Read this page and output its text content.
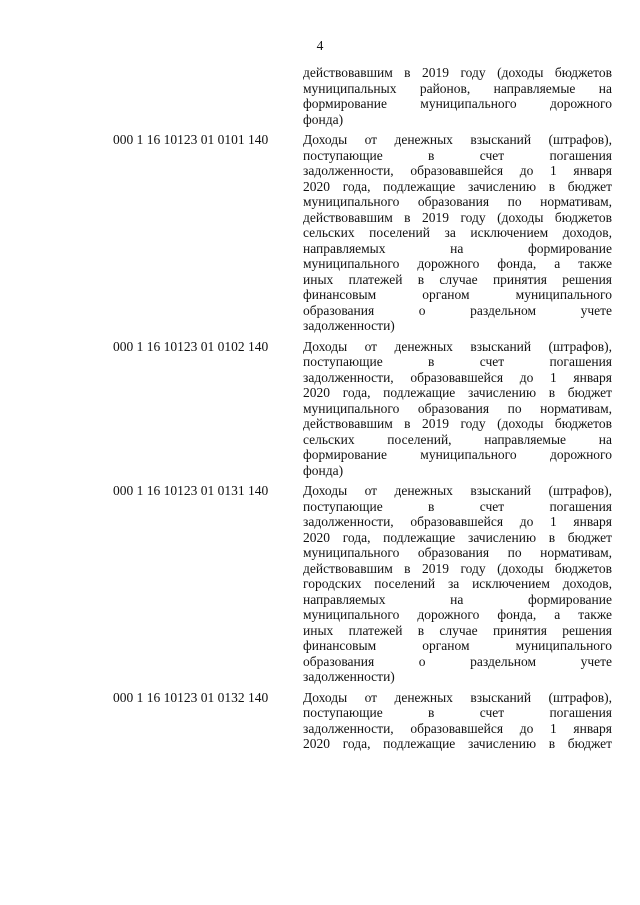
4
действовавшим в 2019 году (доходы бюджетов
муниципальных районов, направляемые на
формирование муниципального дорожного
фонда)
000 1 16 10123 01 0101 140	Доходы от денежных взысканий (штрафов),
поступающие в счет погашения
задолженности, образовавшейся до 1 января
2020 года, подлежащие зачислению в бюджет
муниципального образования по нормативам,
действовавшим в 2019 году (доходы бюджетов
сельских поселений за исключением доходов,
направляемых на формирование
муниципального дорожного фонда, а также
иных платежей в случае принятия решения
финансовым органом муниципального
образования о раздельном учете
задолженности)
000 1 16 10123 01 0102 140	Доходы от денежных взысканий (штрафов),
поступающие в счет погашения
задолженности, образовавшейся до 1 января
2020 года, подлежащие зачислению в бюджет
муниципального образования по нормативам,
действовавшим в 2019 году (доходы бюджетов
сельских поселений, направляемые на
формирование муниципального дорожного
фонда)
000 1 16 10123 01 0131 140	Доходы от денежных взысканий (штрафов),
поступающие в счет погашения
задолженности, образовавшейся до 1 января
2020 года, подлежащие зачислению в бюджет
муниципального образования по нормативам,
действовавшим в 2019 году (доходы бюджетов
городских поселений за исключением доходов,
направляемых на формирование
муниципального дорожного фонда, а также
иных платежей в случае принятия решения
финансовым органом муниципального
образования о раздельном учете
задолженности)
000 1 16 10123 01 0132 140	Доходы от денежных взысканий (штрафов),
поступающие в счет погашения
задолженности, образовавшейся до 1 января
2020 года, подлежащие зачислению в бюджет
